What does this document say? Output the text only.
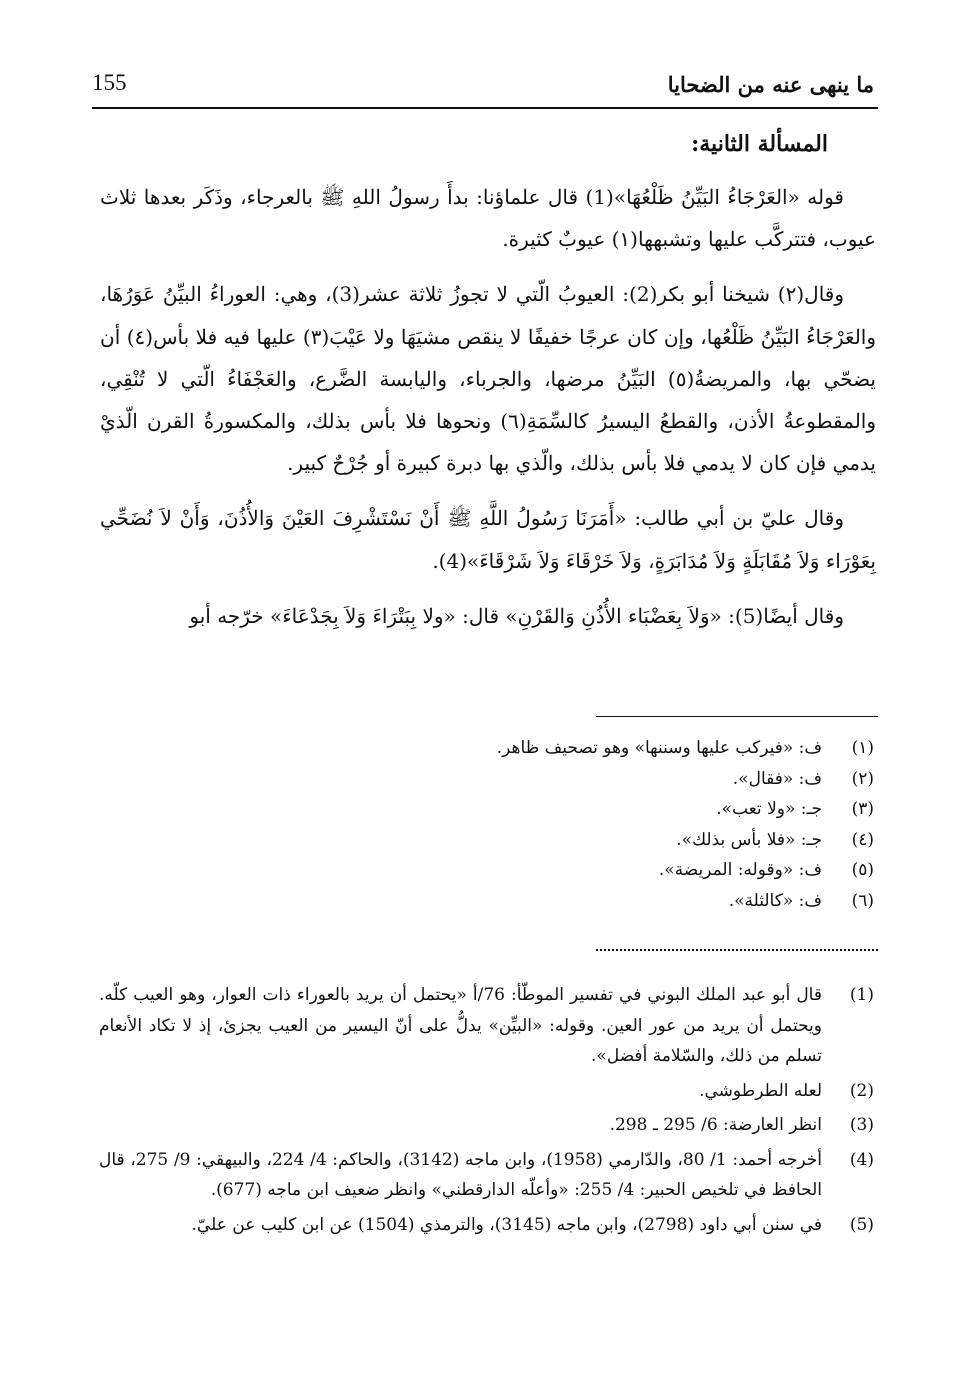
155	ما ينهى عنه من الضحايا
المسألة الثانية:

قوله «العَرْجَاءُ البَيِّنُ ظَلْعُهَا»(1) قال علماؤنا: بدأَ رسولُ اللهِ ﷺ بالعرجاء، وذَكَر بعدها ثلاث عيوب، فتتركَّب عليها وتشبهها(١) عيوبٌ كثيرة.

وقال(٢) شيخنا أبو بكر(2): العيوبُ الّتي لا تجوزُ ثلاثة عشر(3)، وهي: العوراءُ البيِّنُ عَوَرُهَا، والعَرْجَاءُ البَيِّنُ ظَلْعُها، وإن كان عرجًا خفيفًا لا ينقص مشيَهَا ولا عَيْبَ(٣) عليها فيه فلا بأس(٤) أن يضحّي بها، والمريضةُ(٥) البَيِّنُ مرضها، والجرباء، واليابسة الضَّرع، والعَجْفَاءُ الّتي لا تُنْقِي، والمقطوعةُ الأذن، والقطعُ اليسيرُ كالسِّمَةِ(٦) ونحوها فلا بأس بذلك، والمكسورةُ القرن الّذيْ يدمي فإن كان لا يدمي فلا بأس بذلك، والّذي بها دبرة كبيرة أو جُرْحٌ كبير.

وقال عليّ بن أبي طالب: «أَمَرَنَا رَسُولُ اللَّهِ ﷺ أَنْ نَسْتَشْرِفَ العَيْنَ وَالأُذُنَ، وَأَنْ لاَ نُضَحِّي بِعَوْرَاء وَلاَ مُقَابَلَةٍ وَلاَ مُدَابَرَةٍ، وَلاَ خَرْقَاءَ وَلاَ شَرْقَاءَ»(4).

وقال أيضًا(5): «وَلاَ بِعَضْبَاء الأُذُنِ وَالقَرْنِ» قال: «ولا بِبَتْرَاءَ وَلاَ بِجَدْعَاءَ» خرّجه أبو

(١)
ف: «فيركب عليها وسننها» وهو تصحيف ظاهر.
(٢)
ف: «فقال».
(٣)
جـ: «ولا تعب».
(٤)
جـ: «فلا بأس بذلك».
(٥)
ف: «وقوله: المريضة».
(٦)
ف: «كالثلة».
(1)
قال أبو عبد الملك البوني في تفسير الموطّأ: 76/أ «يحتمل أن يريد بالعوراء ذات العوار، وهو العيب كلّه. ويحتمل أن يريد من عور العين. وقوله: «البيِّن» يدلُّ على أنّ اليسير من العيب يجزئ، إذ لا تكاد الأنعام تسلم من ذلك، والسّلامة أفضل».
(2)
لعله الطرطوشي.
(3)
انظر العارضة: 6/ 295 ـ 298.
(4)
أخرجه أحمد: 1/ 80، والدّارمي (1958)، وابن ماجه (3142)، والحاكم: 4/ 224، والبيهقي: 9/ 275، قال الحافظ في تلخيص الحبير: 4/ 255: «وأعلّه الدارقطني» وانظر ضعيف ابن ماجه (677).
(5)
في سنن أبي داود (2798)، وابن ماجه (3145)، والترمذي (1504) عن ابن كليب عن عليّ.
